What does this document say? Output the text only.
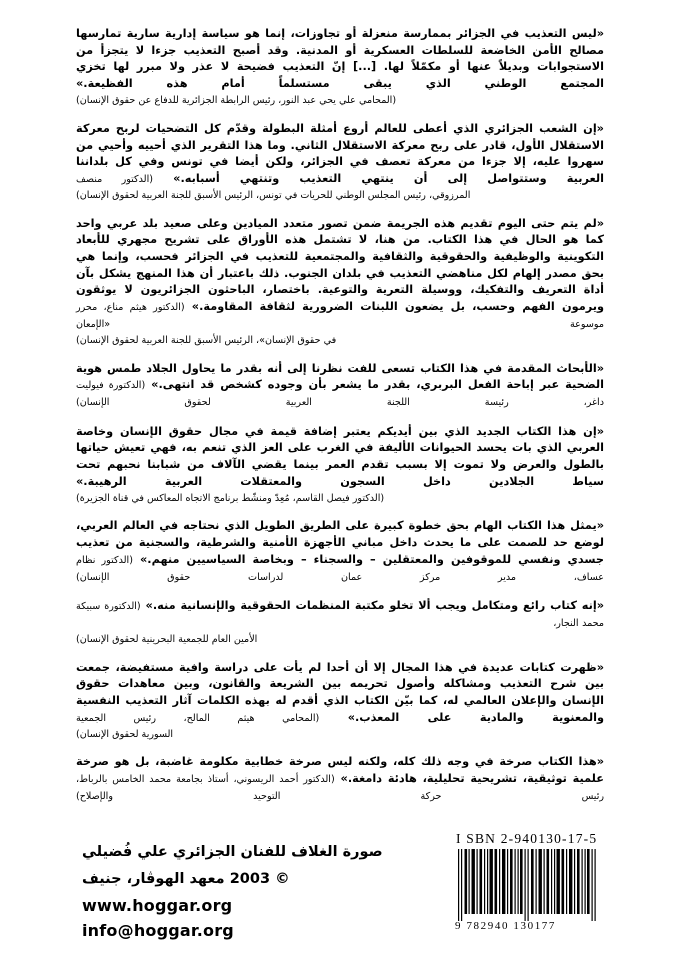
«ليس التعذيب في الجزائر بممارسة منعزلة أو تجاوزات، إنما هو سياسة إدارية سارية تمارسها مصالح الأمن الخاضعة للسلطات العسكرية أو المدنية. وقد أصبح التعذيب جزءا لا يتجزأ من الاستجوابات وبديلاً عنها أو مكمّلاً لها. [...] إنّ التعذيب فضيحة لا عذر ولا مبرر لها تخزي المجتمع الوطني الذي يبقى مستسلماً أمام هذه الفظيعة.»

(المحامي علي يحي عبد النور، رئيس الرابطة الجزائرية للدفاع عن حقوق الإنسان)

«إن الشعب الجزائري الذي أعطى للعالم أروع أمثلة البطولة وقدّم كل التضحيات لربح معركة الاستقلال الأول، قادر على ربح معركة الاستقلال الثاني. وما هذا التقرير الذي أحييه وأحيي من سهروا عليه، إلا جزءا من معركة تعصف في الجزائر، ولكن أيضا في تونس وفي كل بلداننا العربية وستتواصل إلى أن ينتهي التعذيب وتنتهي أسبابه.» (الدكتور منصف

المرزوقي، رئيس المجلس الوطني للحريات في تونس، الرئيس الأسبق للجنة العربية لحقوق الإنسان)

«لم يتم حتى اليوم تقديم هذه الجريمة ضمن تصور متعدد الميادين وعلى صعيد بلد عربي واحد كما هو الحال في هذا الكتاب. من هنا، لا تشتمل هذه الأوراق على تشريح مجهري للأبعاد التكوينية والوظيفية والحقوقية والثقافية والمجتمعية للتعذيب في الجزائر فحسب، وإنما هي بحق مصدر إلهام لكل مناهضي التعذيب في بلدان الجنوب. ذلك باعتبار أن هذا المنهج يشكل بآن أداة التعريف والتفكيك، ووسيلة التعرية والتوعية. باختصار، الباحثون الجزائريون لا يوثقون ويرمون الفهم وحسب، بل يضعون اللبنات الضرورية لثقافة المقاومة.» (الدكتور هيثم مناع، محرر موسوعة «الإمعان

في حقوق الإنسان»، الرئيس الأسبق للجنة العربية لحقوق الإنسان)

«الأبحاث المقدمة في هذا الكتاب تسعى للفت نظرنا إلى أنه بقدر ما يحاول الجلاد طمس هوية الضحية عبر إباحة الفعل البربري، بقدر ما يشعر بأن وجوده كشخص قد انتهى.» (الدكتورة فيوليت داغر، رئيسة اللجنة العربية لحقوق الإنسان)

«إن هذا الكتاب الجديد الذي بين أيديكم يعتبر إضافة قيمة في مجال حقوق الإنسان وخاصة العربي الذي بات يحسد الحيوانات الأليفة في الغرب على العز الذي تنعم به، فهي تعيش حياتها بالطول والعرض ولا تموت إلا بسبب تقدم العمر بينما يقضي الآلاف من شبابنا نحبهم تحت سياط الجلادين داخل السجون والمعتقلات العربية الرهيبة.»

(الدكتور فيصل القاسم، مُعِدّ ومنشّط برنامج الاتجاه المعاكس في قناة الجزيرة)

«يمثل هذا الكتاب الهام بحق خطوة كبيرة على الطريق الطويل الذي نحتاجه في العالم العربي، لوضع حد للصمت على ما يحدث داخل مباني الأجهزة الأمنية والشرطية، والسجنية من تعذيب جسدي ونفسي للموقوفين والمعتقلين – والسجناء – وبخاصة السياسيين منهم.» (الدكتور نظام عساف، مدير مركز عمان لدراسات حقوق الإنسان)

«إنه كتاب رائع ومتكامل ويجب ألا تخلو مكتبة المنظمات الحقوقية والإنسانية منه.» (الدكتورة سبيكة محمد النجار،

الأمين العام للجمعية البحرينية لحقوق الإنسان)

«ظهرت كتابات عديدة في هذا المجال إلا أن أحدا لم يأت على دراسة وافية مستفيضة، جمعت بين شرح التعذيب ومشاكله وأصول تحريمه بين الشريعة والقانون، وبين معاهدات حقوق الإنسان والإعلان العالمي له، كما بيّن الكتاب الذي أقدم له بهذه الكلمات آثار التعذيب النفسية والمعنوية والمادية على المعذب.» (المحامي هيثم المالح، رئيس الجمعية

السورية لحقوق الإنسان)

«هذا الكتاب صرخة في وجه ذلك كله، ولكنه ليس صرخة خطابية مكلومة غاضبة، بل هو صرخة علمية توثيقية، تشريحية تحليلية، هادئة دامغة.» (الدكتور أحمد الريسوني، أستاذ بجامعة محمد الخامس بالرباط، رئيس حركة التوحيد والإصلاح)

صورة الغلاف للفنان الجزائري علي فُضيلي
© 2003 معهد الهوڤار، جنيف
www.hoggar.org
info@hoggar.org
I SBN 2-940130-17-5
9 782940 130177
